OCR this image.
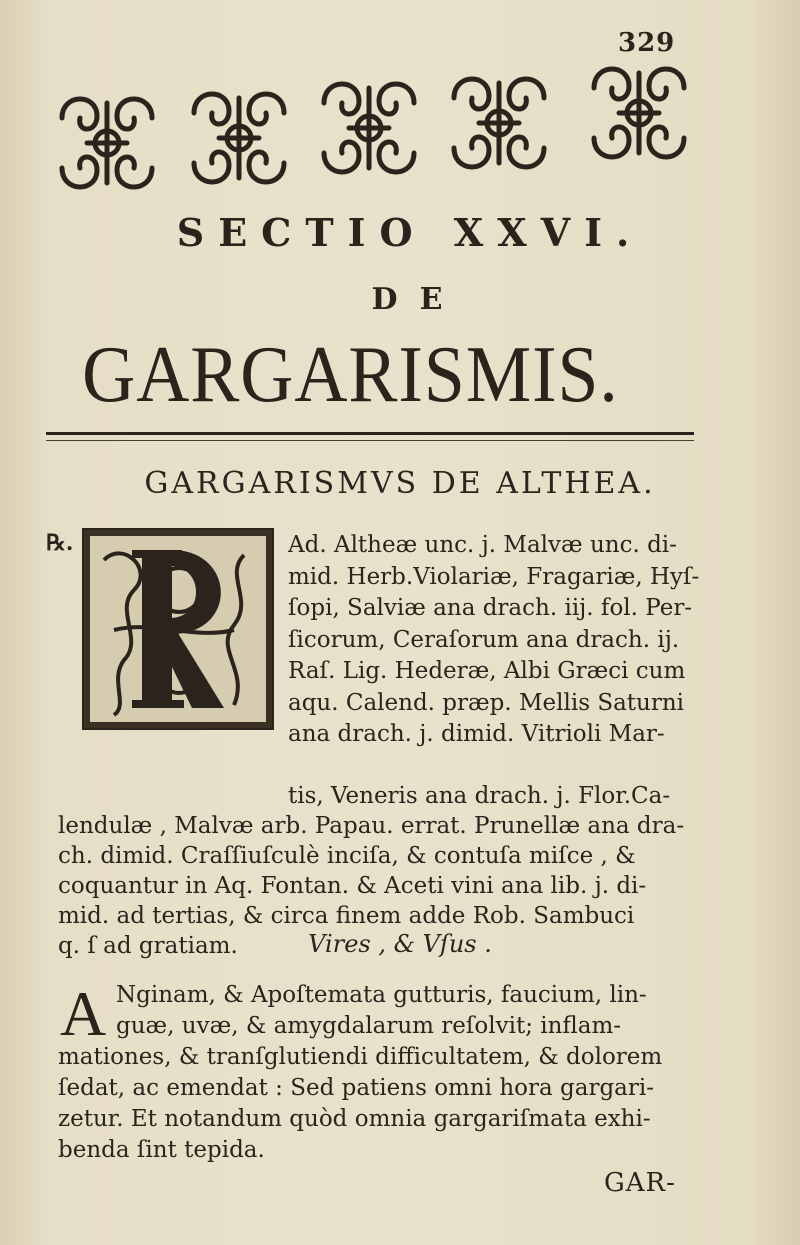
329
SECTIO XXVI.
DE
GARGARISMIS.
GARGARISMVS DE ALTHEA.
℞.	Ad. Altheæ unc. j. Malvæ unc. di-
mid. Herb.Violariæ, Fragariæ, Hyſ-
ſopi, Salviæ ana drach. iij. fol. Per-
ſicorum, Ceraſorum ana drach. ij.
Raſ. Lig. Hederæ, Albi Græci cum
aqu. Calend. præp. Mellis Saturni
ana drach. j. dimid. Vitrioli Mar-
tis, Veneris ana drach. j. Flor.Ca-
lendulæ , Malvæ arb. Papau. errat. Prunellæ ana dra-
ch. dimid. Craſſiuſculè inciſa, & contuſa miſce , &
coquantur in Aq. Fontan. & Aceti vini ana lib. j. di-
mid. ad tertias, & circa finem adde Rob. Sambuci
q. ſ ad gratiam.	Vires , & Vſus .
A Nginam, & Apoſtemata gutturis, faucium, lin-
guæ, uvæ, & amygdalarum reſolvit; inflam-
mationes, & tranſglutiendi difficultatem, & dolorem
ſedat, ac emendat : Sed patiens omni hora gargari-
zetur. Et notandum quòd omnia gargariſmata exhi-
benda ſint tepida.
GAR-
